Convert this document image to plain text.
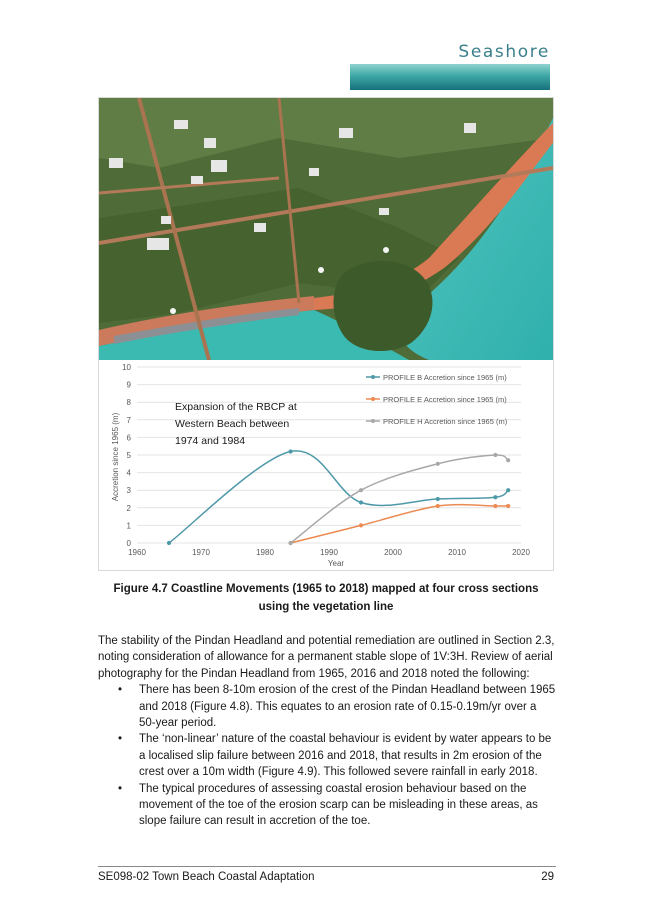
Seashore
0
1
2
3
4
5
6
7
8
9
10
1960	1970	1980	1990	2000	2010	2020
PROFILE B Accretion since 1965 (m)
PROFILE E Accretion since 1965 (m)
PROFILE H Accretion since 1965 (m)
Accretion since 1965 (m)
Year
Expansion of the RBCP at
Western Beach between
1974 and 1984
Figure 4.7 Coastline Movements (1965 to 2018) mapped at four cross sections using the vegetation line

The stability of the Pindan Headland and potential remediation are outlined in Section 2.3, noting consideration of allowance for a permanent stable slope of 1V:3H. Review of aerial photography for the Pindan Headland from 1965, 2016 and 2018 noted the following:

• There has been 8-10m erosion of the crest of the Pindan Headland between 1965 and 2018 (Figure 4.8). This equates to an erosion rate of 0.15-0.19m/yr over a 50-year period.
• The ‘non-linear’ nature of the coastal behaviour is evident by water appears to be a localised slip failure between 2016 and 2018, that results in 2m erosion of the crest over a 10m width (Figure 4.9). This followed severe rainfall in early 2018.
• The typical procedures of assessing coastal erosion behaviour based on the movement of the toe of the erosion scarp can be misleading in these areas, as slope failure can result in accretion of the toe.
SE098-02 Town Beach Coastal Adaptation	29
